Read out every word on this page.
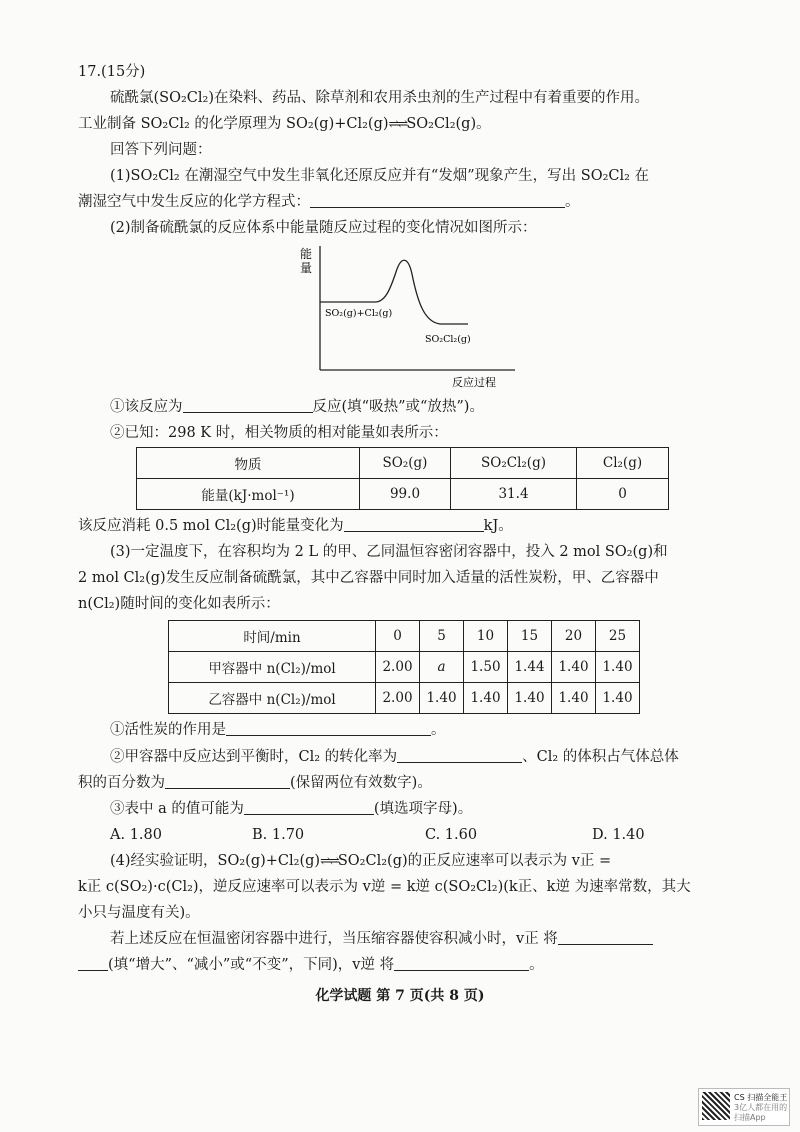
17.(15分)
硫酰氯(SO₂Cl₂)在染料、药品、除草剂和农用杀虫剂的生产过程中有着重要的作用。
工业制备 SO₂Cl₂ 的化学原理为 SO₂(g)+Cl₂(g)⇌⇌SO₂Cl₂(g)。
回答下列问题：
(1)SO₂Cl₂ 在潮湿空气中发生非氧化还原反应并有“发烟”现象产生，写出 SO₂Cl₂ 在
潮湿空气中发生反应的化学方程式：	。
(2)制备硫酰氯的反应体系中能量随反应过程的变化情况如图所示：
能
量
SO₂(g)+Cl₂(g)
SO₂Cl₂(g)
反应过程
①该反应为	反应(填“吸热”或“放热”)。
②已知：298 K 时，相关物质的相对能量如表所示：
物质	SO₂(g)	SO₂Cl₂(g)	Cl₂(g)
能量(kJ·mol⁻¹)	99.0	31.4	0
该反应消耗 0.5 mol Cl₂(g)时能量变化为	kJ。
(3)一定温度下，在容积均为 2 L 的甲、乙同温恒容密闭容器中，投入 2 mol SO₂(g)和
2 mol Cl₂(g)发生反应制备硫酰氯，其中乙容器中同时加入适量的活性炭粉，甲、乙容器中
n(Cl₂)随时间的变化如表所示：
时间/min	0	5	10	15	20	25
甲容器中 n(Cl₂)/mol	2.00	a	1.50	1.44	1.40	1.40
乙容器中 n(Cl₂)/mol	2.00	1.40	1.40	1.40	1.40	1.40
①活性炭的作用是	。
②甲容器中反应达到平衡时，Cl₂ 的转化率为	、Cl₂ 的体积占气体总体
积的百分数为	(保留两位有效数字)。
③表中 a 的值可能为	(填选项字母)。
A. 1.80	B. 1.70	C. 1.60	D. 1.40
(4)经实验证明，SO₂(g)+Cl₂(g)⇌⇌SO₂Cl₂(g)的正反应速率可以表示为 v正 =
k正 c(SO₂)·c(Cl₂)，逆反应速率可以表示为 v逆 = k逆 c(SO₂Cl₂)(k正、k逆 为速率常数，其大
小只与温度有关)。
若上述反应在恒温密闭容器中进行，当压缩容器使容积减小时，v正 将
(填“增大”、“减小”或“不变”，下同)，v逆 将	。
化学试题 第 7 页(共 8 页)
CS 扫描全能王
3亿人都在用的扫描App
